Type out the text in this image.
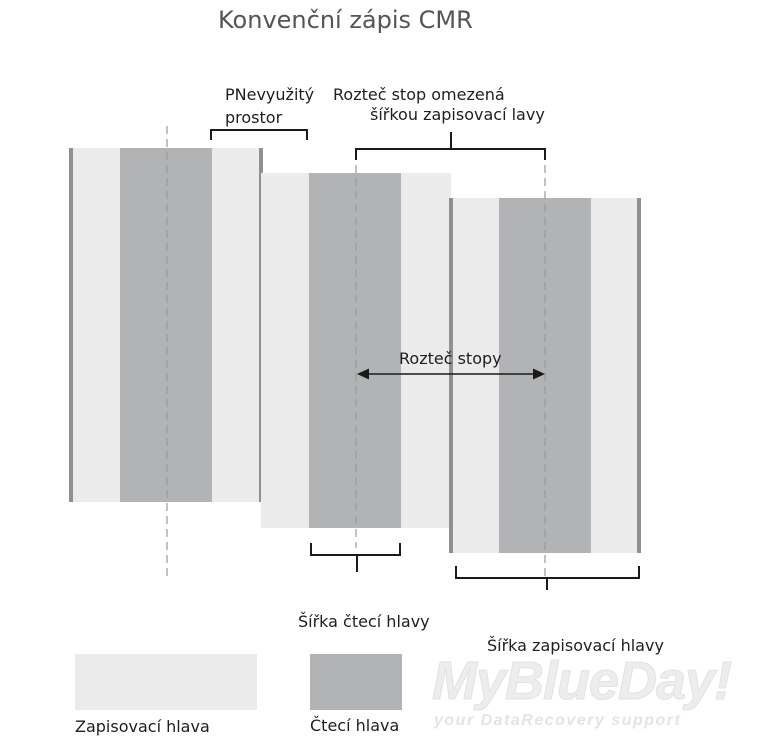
Konvenční zápis CMR
PNevyužitý
prostor
Rozteč stop omezená
šířkou zapisovací lavy
Rozteč stopy
Šířka čtecí hlavy
Šířka zapisovací hlavy
Zapisovací hlava	Čtecí hlava
MyBlueDay!
your DataRecovery support
